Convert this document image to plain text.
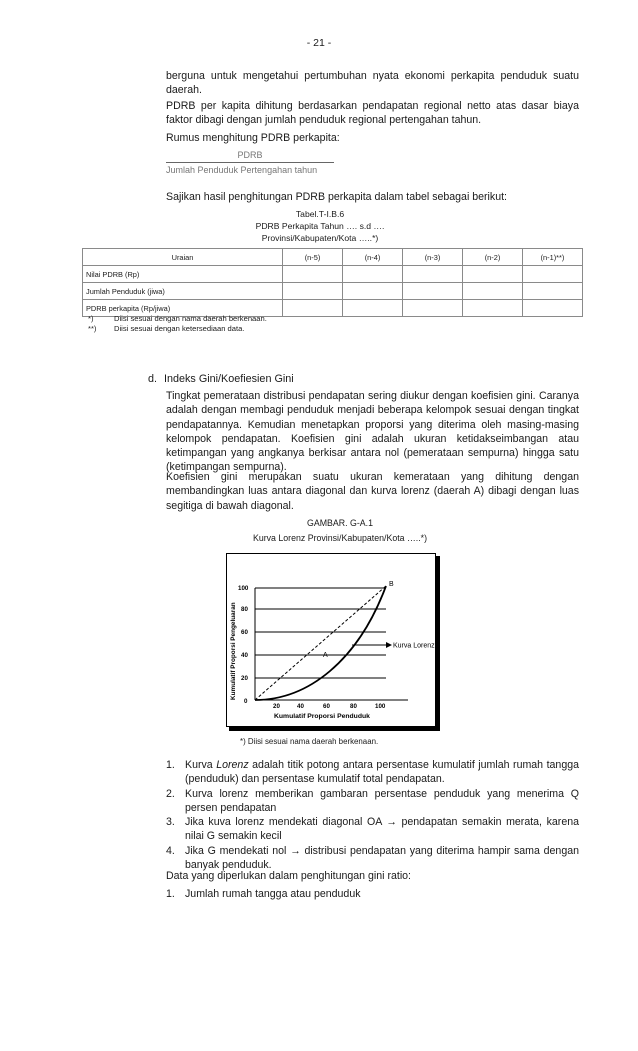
- 21 -
berguna untuk mengetahui pertumbuhan nyata ekonomi perkapita penduduk suatu daerah.
PDRB per kapita dihitung berdasarkan pendapatan regional netto atas dasar biaya faktor dibagi dengan jumlah penduduk regional pertengahan tahun.
Rumus menghitung PDRB perkapita:
PDRB
Jumlah Penduduk Pertengahan tahun
Sajikan hasil penghitungan PDRB perkapita dalam tabel sebagai berikut:
Tabel.T-I.B.6
PDRB Perkapita Tahun …. s.d ….
Provinsi/Kabupaten/Kota …..*)
Uraian	(n-5)	(n-4)	(n-3)	(n-2)	(n-1)**)
Nilai PDRB (Rp)					
Jumlah Penduduk (jiwa)					
PDRB perkapita (Rp/jiwa)					
*)	Diisi sesuai dengan nama daerah berkenaan.
**) Diisi sesuai dengan ketersediaan data.
d. Indeks Gini/Koefiesien Gini
Tingkat pemerataan distribusi pendapatan sering diukur dengan koefisien gini. Caranya adalah dengan membagi penduduk menjadi beberapa kelompok sesuai dengan tingkat pendapatannya. Kemudian menetapkan proporsi yang diterima oleh masing-masing kelompok pendapatan. Koefisien gini adalah ukuran ketidakseimbangan atau ketimpangan yang angkanya berkisar antara nol (pemerataan sempurna) hingga satu (ketimpangan sempurna).
Koefisien gini merupakan suatu ukuran kemerataan yang dihitung dengan membandingkan luas antara diagonal dan kurva lorenz (daerah A) dibagi dengan luas segitiga di bawah diagonal.
GAMBAR. G-A.1
Kurva Lorenz Provinsi/Kabupaten/Kota …..*)
Kurva Lorenz
B
A
0
20
40
60
80
100
20	40	60	80	100
Kumulatif Proporsi Penduduk
Kumulatif Proporsi Pengeluaran
*) Diisi sesuai nama daerah berkenaan.
1. Kurva Lorenz adalah titik potong antara persentase kumulatif jumlah rumah tangga (penduduk) dan persentase kumulatif total pendapatan.
2. Kurva lorenz memberikan gambaran persentase penduduk yang menerima Q persen pendapatan
3. Jika kuva lorenz mendekati diagonal OA → pendapatan semakin merata, karena nilai G semakin kecil
4. Jika G mendekati nol → distribusi pendapatan yang diterima hampir sama dengan banyak penduduk.
Data yang diperlukan dalam penghitungan gini ratio:
1. Jumlah rumah tangga atau penduduk
